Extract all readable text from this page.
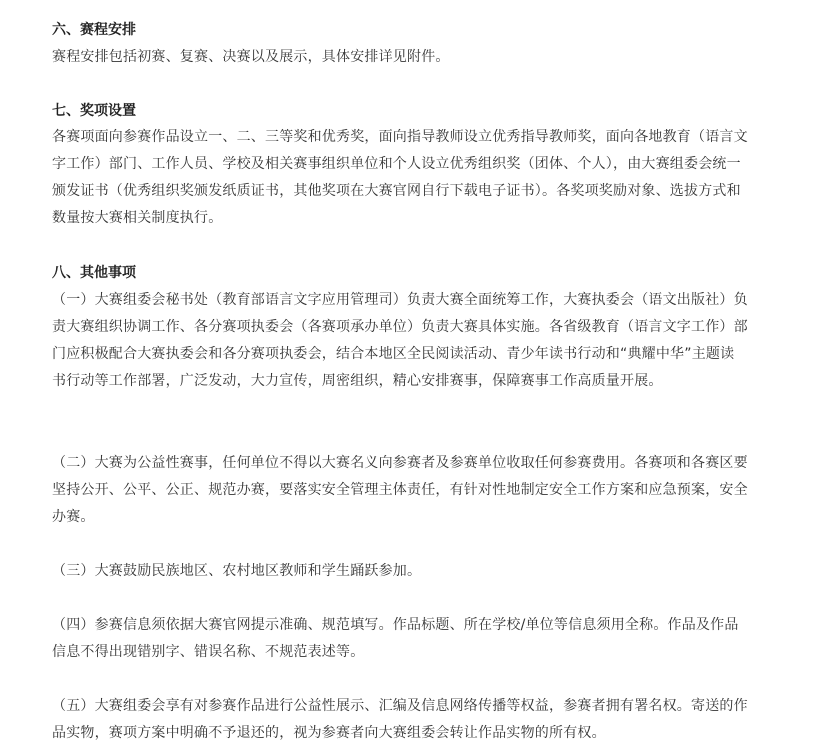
六、赛程安排

赛程安排包括初赛、复赛、决赛以及展示，具体安排详见附件。

七、奖项设置

各赛项面向参赛作品设立一、二、三等奖和优秀奖，面向指导教师设立优秀指导教师奖，面向各地教育（语言文字工作）部门、工作人员、学校及相关赛事组织单位和个人设立优秀组织奖（团体、个人），由大赛组委会统一颁发证书（优秀组织奖颁发纸质证书，其他奖项在大赛官网自行下载电子证书）。各奖项奖励对象、选拔方式和数量按大赛相关制度执行。

八、其他事项

（一）大赛组委会秘书处（教育部语言文字应用管理司）负责大赛全面统筹工作，大赛执委会（语文出版社）负责大赛组织协调工作、各分赛项执委会（各赛项承办单位）负责大赛具体实施。各省级教育（语言文字工作）部门应积极配合大赛执委会和各分赛项执委会，结合本地区全民阅读活动、青少年读书行动和“典耀中华”主题读书行动等工作部署，广泛发动，大力宣传，周密组织，精心安排赛事，保障赛事工作高质量开展。

（二）大赛为公益性赛事，任何单位不得以大赛名义向参赛者及参赛单位收取任何参赛费用。各赛项和各赛区要坚持公开、公平、公正、规范办赛，要落实安全管理主体责任，有针对性地制定安全工作方案和应急预案，安全办赛。

（三）大赛鼓励民族地区、农村地区教师和学生踊跃参加。

（四）参赛信息须依据大赛官网提示准确、规范填写。作品标题、所在学校/单位等信息须用全称。作品及作品信息不得出现错别字、错误名称、不规范表述等。

（五）大赛组委会享有对参赛作品进行公益性展示、汇编及信息网络传播等权益，参赛者拥有署名权。寄送的作品实物，赛项方案中明确不予退还的，视为参赛者向大赛组委会转让作品实物的所有权。
